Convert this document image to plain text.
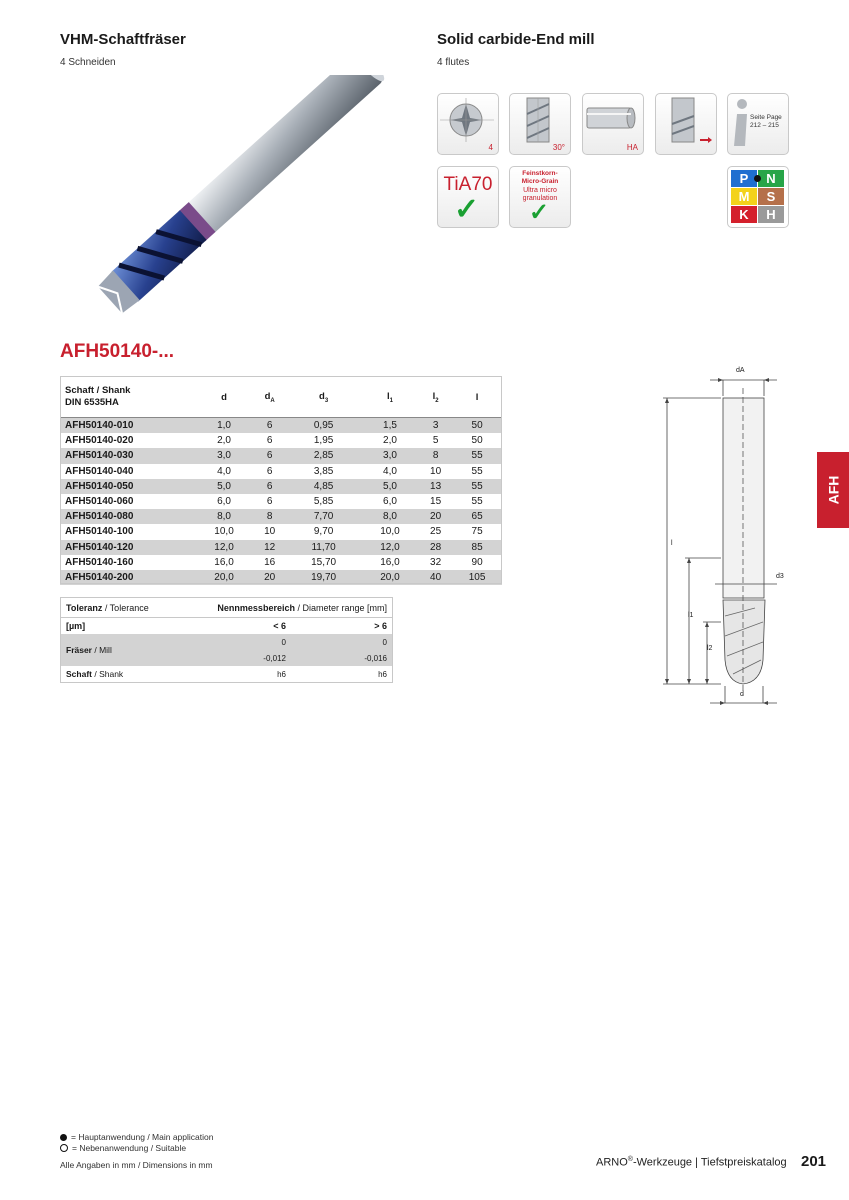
VHM-Schaftfräser
4 Schneiden
Solid carbide-End mill
4 flutes
4	30°	HA
Seite Page
212 – 215
TiA70
✓
Feinstkorn-
Micro-Grain
Ultra micro
granulation
✓
P N
M S
K H
AFH50140-...
Schaft / Shank
DIN 6535HA	d	$d_A$	$d_3$	$l_1$	$l_2$	l
AFH50140-010	1,0	6	0,95	1,5	3	50
AFH50140-020	2,0	6	1,95	2,0	5	50
AFH50140-030	3,0	6	2,85	3,0	8	55
AFH50140-040	4,0	6	3,85	4,0	10	55
AFH50140-050	5,0	6	4,85	5,0	13	55
AFH50140-060	6,0	6	5,85	6,0	15	55
AFH50140-080	8,0	8	7,70	8,0	20	65
AFH50140-100	10,0	10	9,70	10,0	25	75
AFH50140-120	12,0	12	11,70	12,0	28	85
AFH50140-160	16,0	16	15,70	16,0	32	90
AFH50140-200	20,0	20	19,70	20,0	40	105
Toleranz / Tolerance	Nennmessbereich / Diameter range [mm]	
[µm]	< 6	> 6
Fräser / Mill	0	0
	-0,012	-0,016
Schaft / Shank	h6	h6
dA
d3
d
l
l1
l2
AFH
= Hauptanwendung / Main application
= Nebenanwendung / Suitable
Alle Angaben in mm / Dimensions in mm	ARNO®-Werkzeuge | Tiefstpreiskatalog 201
